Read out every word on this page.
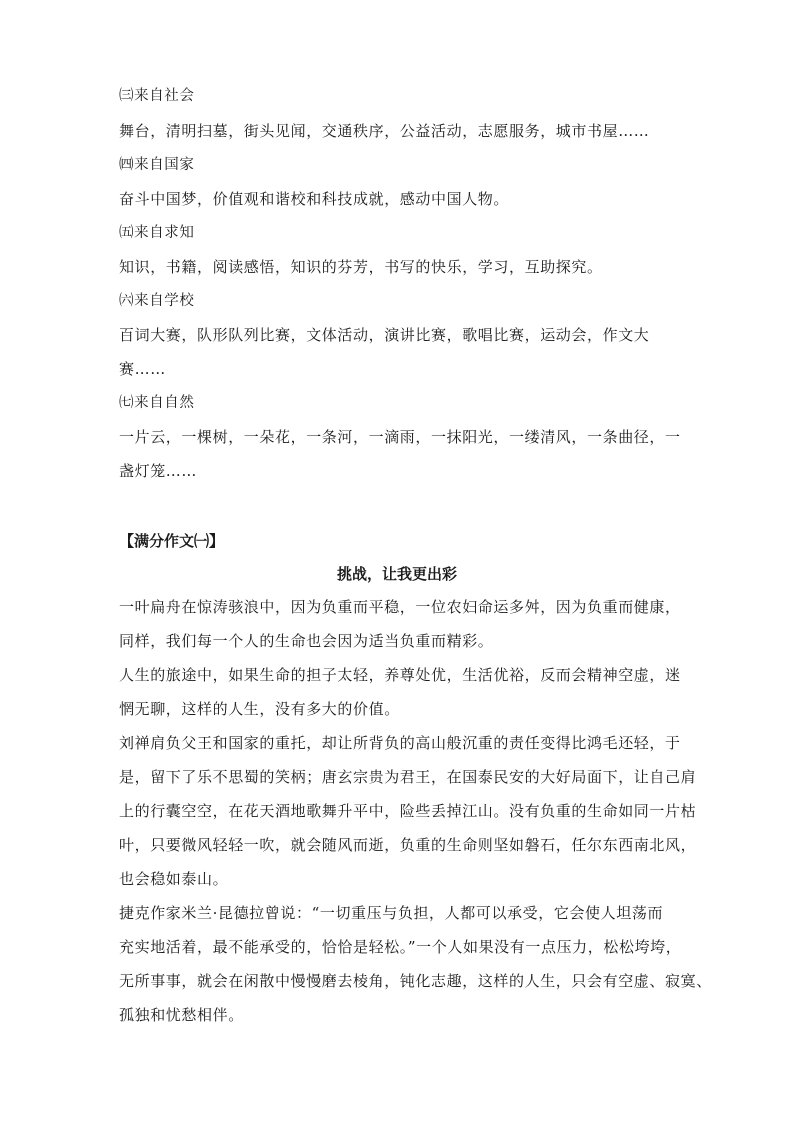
㈢来自社会
舞台，清明扫墓，街头见闻，交通秩序，公益活动，志愿服务，城市书屋……
㈣来自国家
奋斗中国梦，价值观和谐校和科技成就，感动中国人物。
㈤来自求知
知识，书籍，阅读感悟，知识的芬芳，书写的快乐，学习，互助探究。
㈥来自学校
百词大赛，队形队列比赛，文体活动，演讲比赛，歌唱比赛，运动会，作文大
赛……
㈦来自自然
一片云，一棵树，一朵花，一条河，一滴雨，一抹阳光，一缕清风，一条曲径，一
盏灯笼……
【满分作文㈠】
挑战，让我更出彩
一叶扁舟在惊涛骇浪中，因为负重而平稳，一位农妇命运多舛，因为负重而健康，
同样，我们每一个人的生命也会因为适当负重而精彩。
人生的旅途中，如果生命的担子太轻，养尊处优，生活优裕，反而会精神空虚，迷
惘无聊，这样的人生，没有多大的价值。
刘禅肩负父王和国家的重托，却让所背负的高山般沉重的责任变得比鸿毛还轻，于
是，留下了乐不思蜀的笑柄；唐玄宗贵为君王，在国泰民安的大好局面下，让自己肩
上的行囊空空，在花天酒地歌舞升平中，险些丢掉江山。没有负重的生命如同一片枯
叶，只要微风轻轻一吹，就会随风而逝，负重的生命则坚如磐石，任尔东西南北风，
也会稳如泰山。
捷克作家米兰·昆德拉曾说：“一切重压与负担，人都可以承受，它会使人坦荡而
充实地活着，最不能承受的，恰恰是轻松。”一个人如果没有一点压力，松松垮垮，
无所事事，就会在闲散中慢慢磨去棱角，钝化志趣，这样的人生，只会有空虚、寂寞、
孤独和忧愁相伴。
